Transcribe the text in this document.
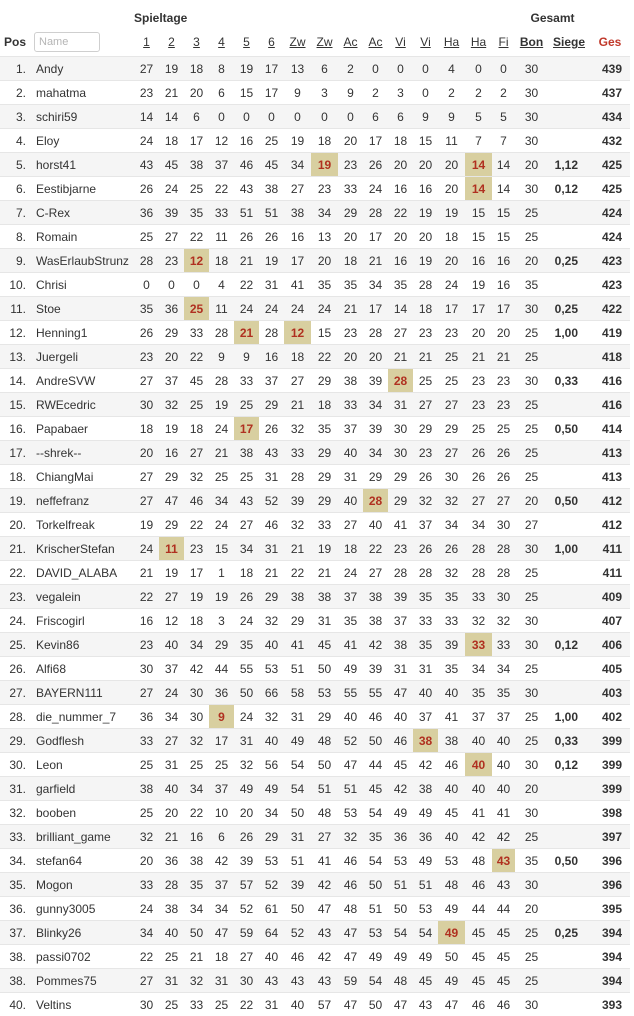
		Spieltage															Gesamt		
Pos	Name	1	2	3	4	5	6	Zw	Zw	Ac	Ac	Vi	Vi	Ha	Ha	Fi	Bon	Siege	Ges
1.	Andy	27	19	18	8	19	17	13	6	2	0	0	0	4	0	0	30		439
2.	mahatma	23	21	20	6	15	17	9	3	9	2	3	0	2	2	2	30		437
3.	schiri59	14	14	6	0	0	0	0	0	0	6	6	9	9	5	5	30		434
4.	Eloy	24	18	17	12	16	25	19	18	20	17	18	15	11	7	7	30		432
5.	horst41	43	45	38	37	46	45	34	19	23	26	20	20	20	14	14	20	1,12	425
6.	Eestibjarne	26	24	25	22	43	38	27	23	33	24	16	16	20	14	14	30	0,12	425
7.	C-Rex	36	39	35	33	51	51	38	34	29	28	22	19	19	15	15	25		424
8.	Romain	25	27	22	11	26	26	16	13	20	17	20	20	18	15	15	25		424
9.	WasErlaubStrunz	28	23	12	18	21	19	17	20	18	21	16	19	20	16	16	20	0,25	423
10.	Chrisi	0	0	0	4	22	31	41	35	35	34	35	28	24	19	16	35		423
11.	Stoe	35	36	25	11	24	24	24	24	21	17	14	18	17	17	17	30	0,25	422
12.	Henning1	26	29	33	28	21	28	12	15	23	28	27	23	23	20	20	25	1,00	419
13.	Juergeli	23	20	22	9	9	16	18	22	20	20	21	21	25	21	21	25		418
14.	AndreSVW	27	37	45	28	33	37	27	29	38	39	28	25	25	23	23	30	0,33	416
15.	RWEcedric	30	32	25	19	25	29	21	18	33	34	31	27	27	23	23	25		416
16.	Papabaer	18	19	18	24	17	26	32	35	37	39	30	29	29	25	25	25	0,50	414
17.	--shrek--	20	16	27	21	38	43	33	29	40	34	30	23	27	26	26	25		413
18.	ChiangMai	27	29	32	25	25	31	28	29	31	29	29	26	30	26	26	25		413
19.	neffefranz	27	47	46	34	43	52	39	29	40	28	29	32	32	27	27	20	0,50	412
20.	Torkelfreak	19	29	22	24	27	46	32	33	27	40	41	37	34	34	30	27		412
21.	KrischerStefan	24	11	23	15	34	31	21	19	18	22	23	26	26	28	28	30	1,00	411
22.	DAVID_ALABA	21	19	17	1	18	21	22	21	24	27	28	28	32	28	28	25		411
23.	vegalein	22	27	19	19	26	29	38	38	37	38	39	35	35	33	30	25		409
24.	Friscogirl	16	12	18	3	24	32	29	31	35	38	37	33	33	32	32	30		407
25.	Kevin86	23	40	34	29	35	40	41	45	41	42	38	35	39	33	33	30	0,12	406
26.	Alfi68	30	37	42	44	55	53	51	50	49	39	31	31	35	34	34	25		405
27.	BAYERN111	27	24	30	36	50	66	58	53	55	55	47	40	40	35	35	30		403
28.	die_nummer_7	36	34	30	9	24	32	31	29	40	46	40	37	41	37	37	25	1,00	402
29.	Godflesh	33	27	32	17	31	40	49	48	52	50	46	38	38	40	40	25	0,33	399
30.	Leon	25	31	25	25	32	56	54	50	47	44	45	42	46	40	40	30	0,12	399
31.	garfield	38	40	34	37	49	49	54	51	51	45	42	38	40	40	40	20		399
32.	booben	25	20	22	10	20	34	50	48	53	54	49	49	45	41	41	30		398
33.	brilliant_game	32	21	16	6	26	29	31	27	32	35	36	36	40	42	42	25		397
34.	stefan64	20	36	38	42	39	53	51	41	46	54	53	49	53	48	43	35	0,50	396
35.	Mogon	33	28	35	37	57	52	39	42	46	50	51	51	48	46	43	30		396
36.	gunny3005	24	38	34	34	52	61	50	47	48	51	50	53	49	44	44	20		395
37.	Blinky26	34	40	50	47	59	64	52	43	47	53	54	54	49	45	45	25	0,25	394
38.	passi0702	22	25	21	18	27	40	46	42	47	49	49	49	50	45	45	25		394
38.	Pommes75	27	31	32	31	30	43	43	43	59	54	48	45	49	45	45	25		394
40.	Veltins	30	25	33	25	22	31	40	57	47	50	47	43	47	46	46	30		393
